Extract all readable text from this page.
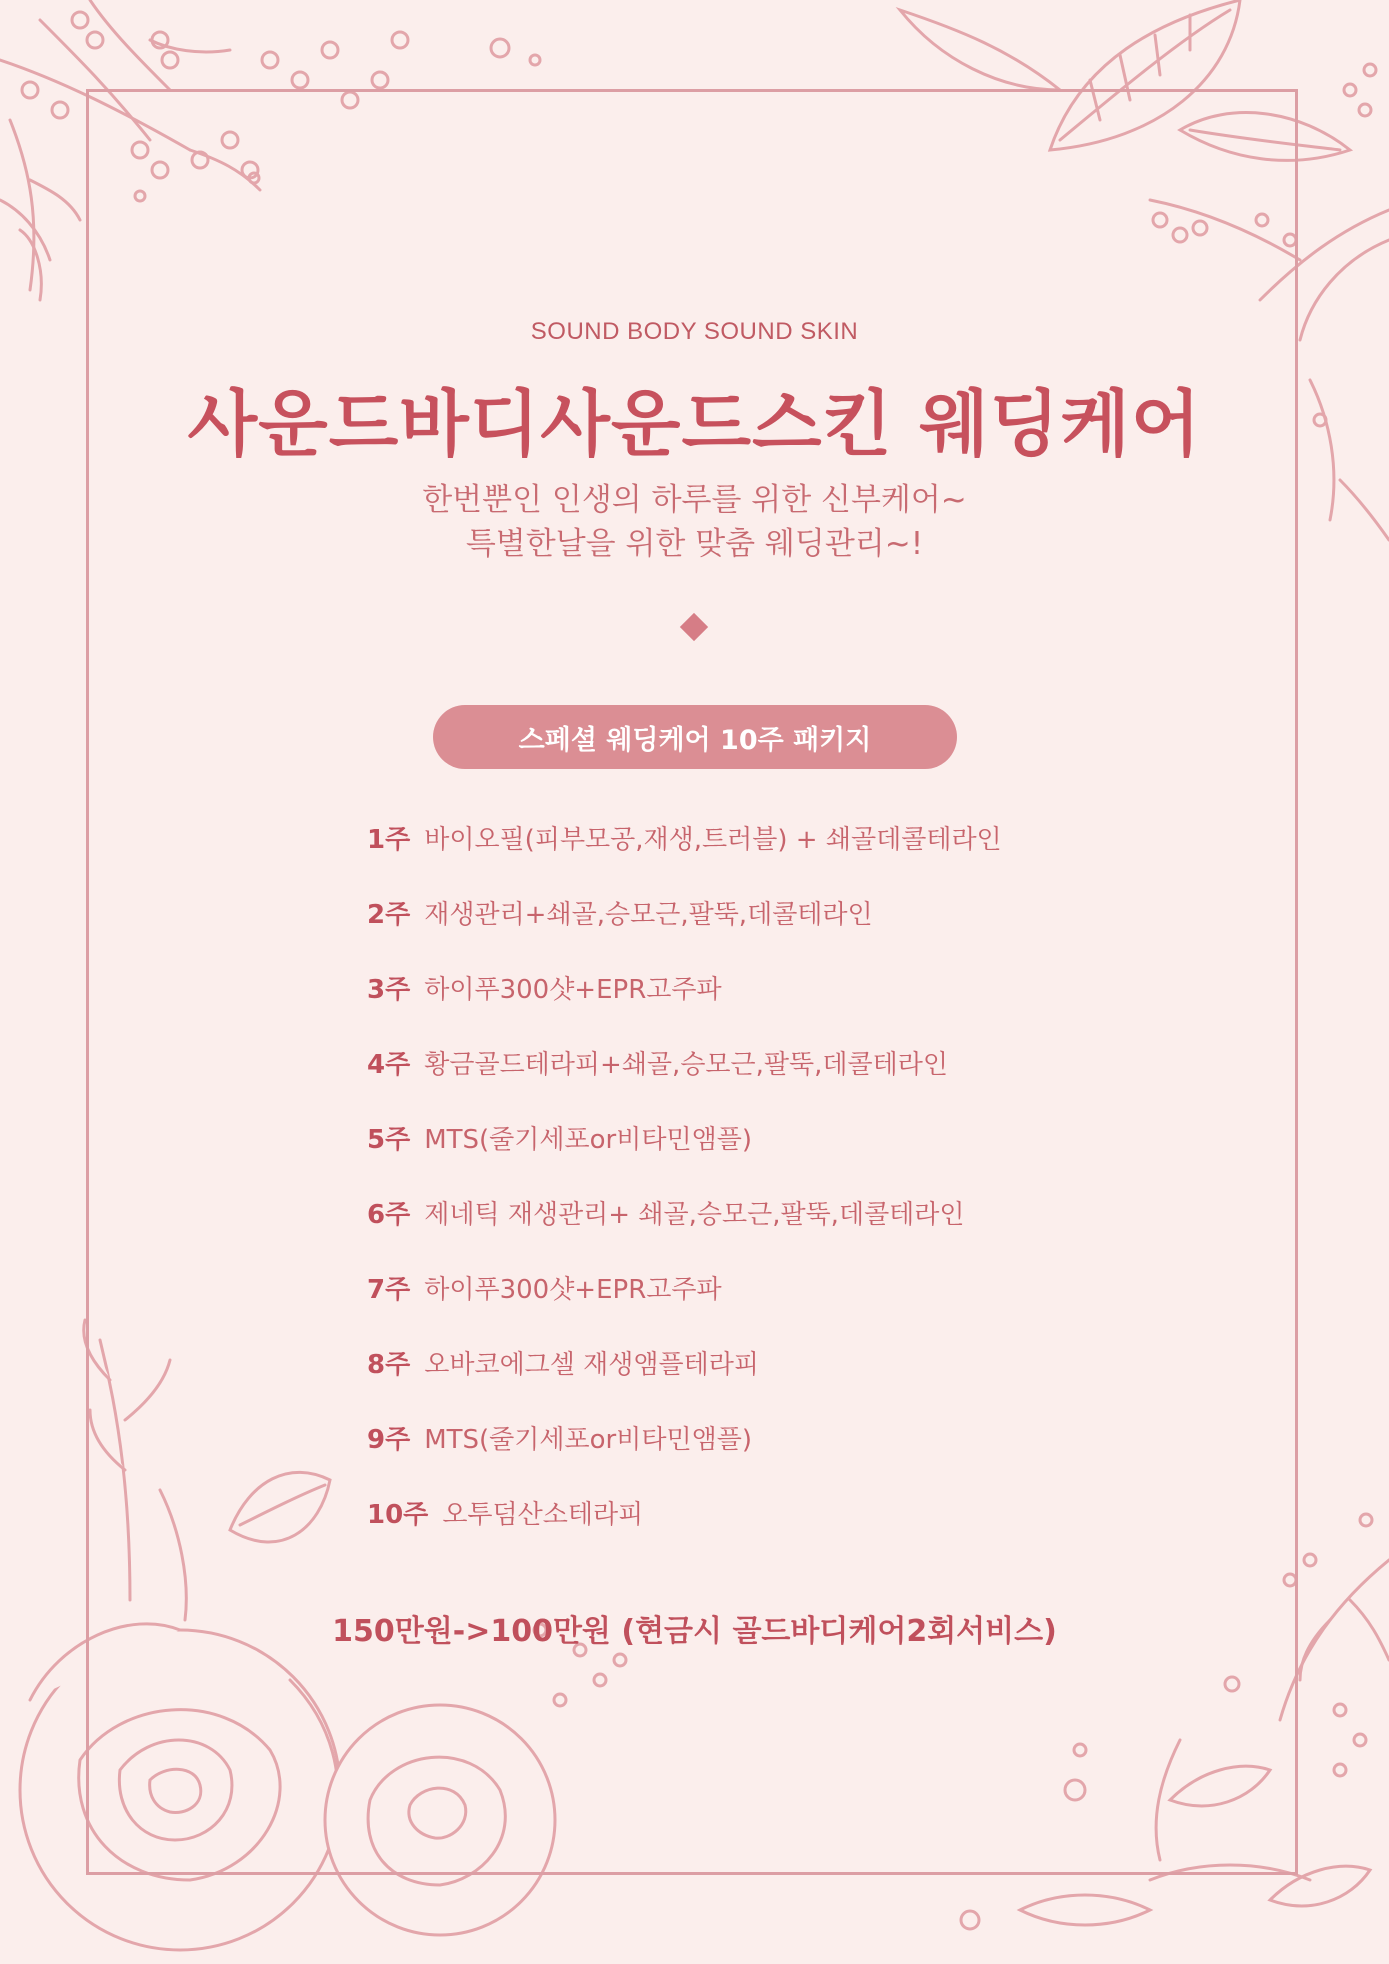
SOUND BODY SOUND SKIN
사운드바디사운드스킨 웨딩케어
한번뿐인 인생의 하루를 위한 신부케어~
특별한날을 위한 맞춤 웨딩관리~!
스페셜 웨딩케어 10주 패키지
1주 바이오필(피부모공,재생,트러블) + 쇄골데콜테라인
2주 재생관리+쇄골,승모근,팔뚝,데콜테라인
3주 하이푸300샷+EPR고주파
4주 황금골드테라피+쇄골,승모근,팔뚝,데콜테라인
5주 MTS(줄기세포or비타민앰플)
6주 제네틱 재생관리+ 쇄골,승모근,팔뚝,데콜테라인
7주 하이푸300샷+EPR고주파
8주 오바코에그셀 재생앰플테라피
9주 MTS(줄기세포or비타민앰플)
10주 오투덤산소테라피
150만원->100만원 (현금시 골드바디케어2회서비스)
